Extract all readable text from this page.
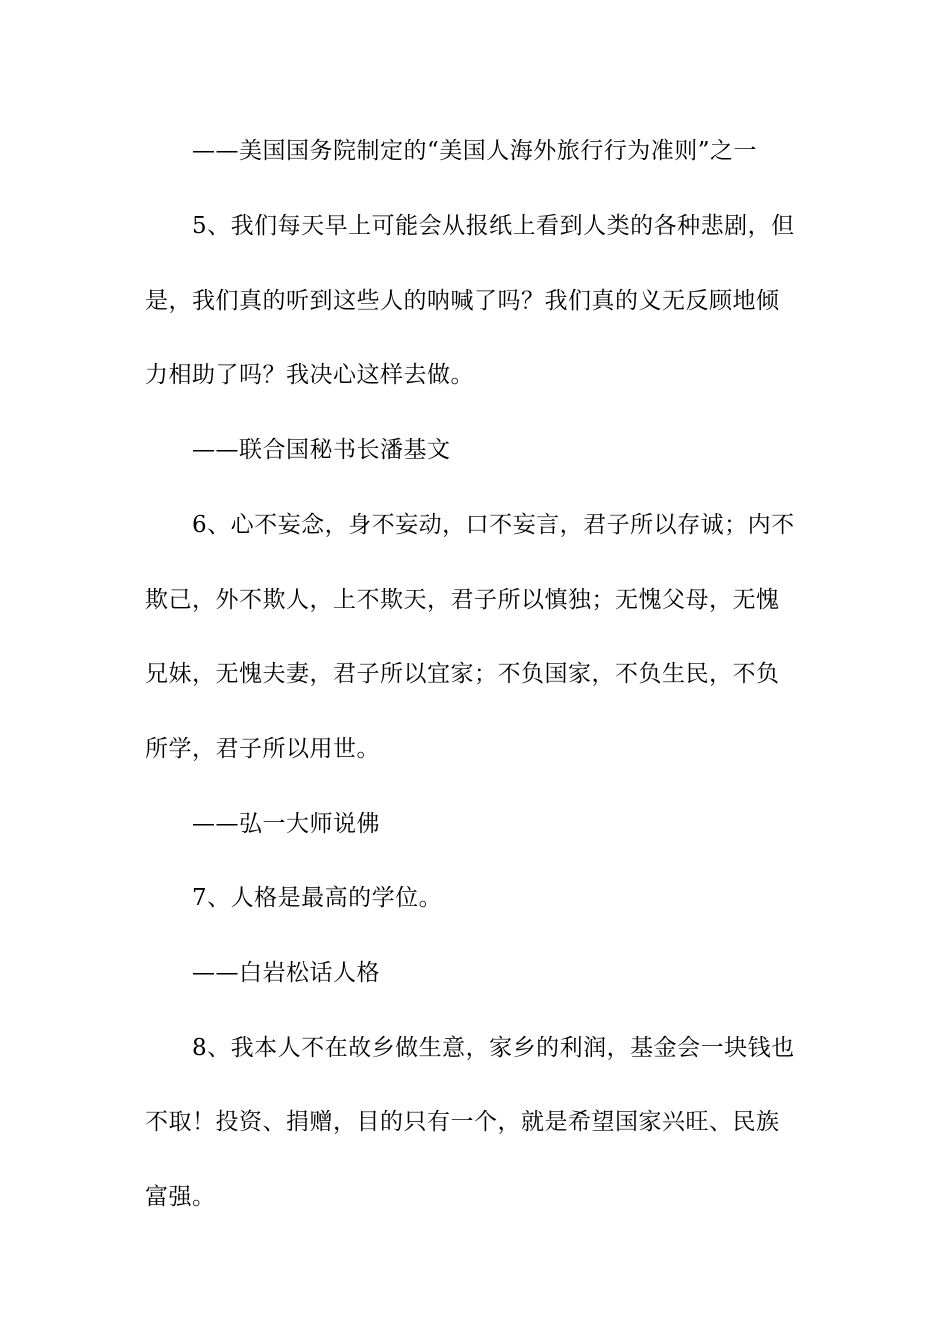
——美国国务院制定的“美国人海外旅行行为准则”之一
5、我们每天早上可能会从报纸上看到人类的各种悲剧，但
是，我们真的听到这些人的呐喊了吗？我们真的义无反顾地倾
力相助了吗？我决心这样去做。
——联合国秘书长潘基文
6、心不妄念，身不妄动，口不妄言，君子所以存诚；内不
欺己，外不欺人，上不欺天，君子所以慎独；无愧父母，无愧
兄妹，无愧夫妻，君子所以宜家；不负国家，不负生民，不负
所学，君子所以用世。
——弘一大师说佛
7、人格是最高的学位。
——白岩松话人格
8、我本人不在故乡做生意，家乡的利润，基金会一块钱也
不取！投资、捐赠，目的只有一个，就是希望国家兴旺、民族
富强。
